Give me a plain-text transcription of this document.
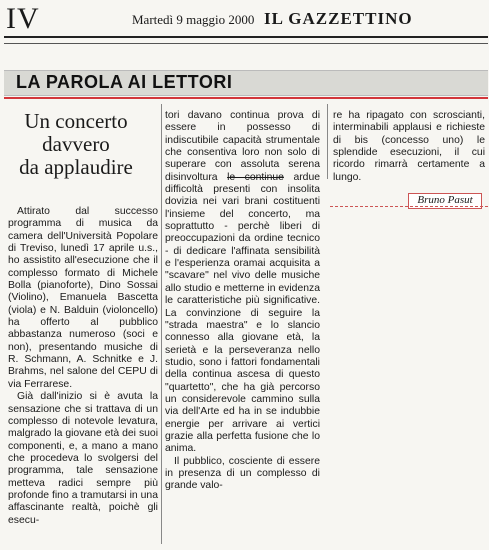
IV	Martedì 9 maggio 2000 IL GAZZETTINO
LA PAROLA AI LETTORI
Un concerto
davvero
da applaudire

Attirato dal successo programma di musica da camera dell'Università Popolare di Treviso, lunedì 17 aprile u.s., ho assistito all'esecuzione che il complesso formato di Michele Bolla (pianoforte), Dino Sossai (Violino), Emanuela Bascetta (viola) e N. Balduin (violoncello) ha offerto al pubblico abbastanza numeroso (soci e non), presentando musiche di R. Schmann, A. Schnitke e J. Brahms, nel salone del CEPU di via Ferrarese.

Già dall'inizio si è avuta la sensazione che si trattava di un complesso di notevole levatura, malgrado la giovane età dei suoi componenti, e, a mano a mano che procedeva lo svolgersi del programma, tale sensazione metteva radici sempre più profonde fino a tramutarsi in una affascinante realtà, poichè gli esecu-

tori davano continua prova di essere in possesso di indiscutibile capacità strumentale che consentiva loro non solo di superare con assoluta serena disinvoltura le continue ardue difficoltà presenti con insolita dovizia nei vari brani costituenti l'insieme del concerto, ma soprattutto - perchè liberi di preoccupazioni da ordine tecnico - di dedicare l'affinata sensibilità e l'esperienza oramai acquisita a "scavare" nel vivo delle musiche allo studio e metterne in evidenza le caratteristiche più significative. La convinzione di seguire la "strada maestra" e lo slancio connesso alla giovane età, la serietà e la perseveranza nello studio, sono i fattori fondamentali della continua ascesa di questo "quartetto", che ha già percorso un considerevole cammino sulla via dell'Arte ed ha in se indubbie energie per arrivare ai vertici grazie alla perfetta fusione che lo anima.

Il pubblico, cosciente di essere in presenza di un complesso di grande valo-

re ha ripagato con scrosciantі, interminabili applausi e richieste di bis (concesso uno) le splendide esecuzioni, il cui ricordo rimarrà certamente a lungo.

Bruno Pasut
